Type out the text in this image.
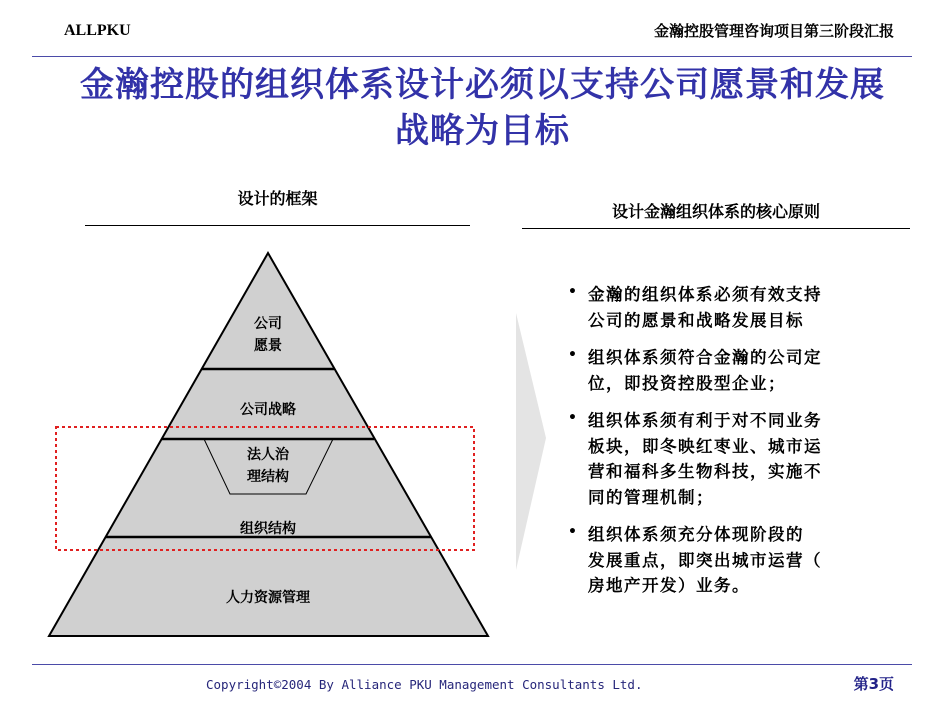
ALLPKU	金瀚控股管理咨询项目第三阶段汇报
金瀚控股的组织体系设计必须以支持公司愿景和发展
战略为目标
设计的框架
设计金瀚组织体系的核心原则
公司
愿景
公司战略
法人治
理结构
组织结构
人力资源管理
• 金瀚的组织体系必须有效支持
公司的愿景和战略发展目标
• 组织体系须符合金瀚的公司定
位，即投资控股型企业；
• 组织体系须有利于对不同业务
板块，即冬映红枣业、城市运
营和福科多生物科技，实施不
同的管理机制；
• 组织体系须充分体现阶段的
发展重点，即突出城市运营（
房地产开发）业务。
Copyright©2004 By Alliance PKU Management Consultants Ltd.	第3页
